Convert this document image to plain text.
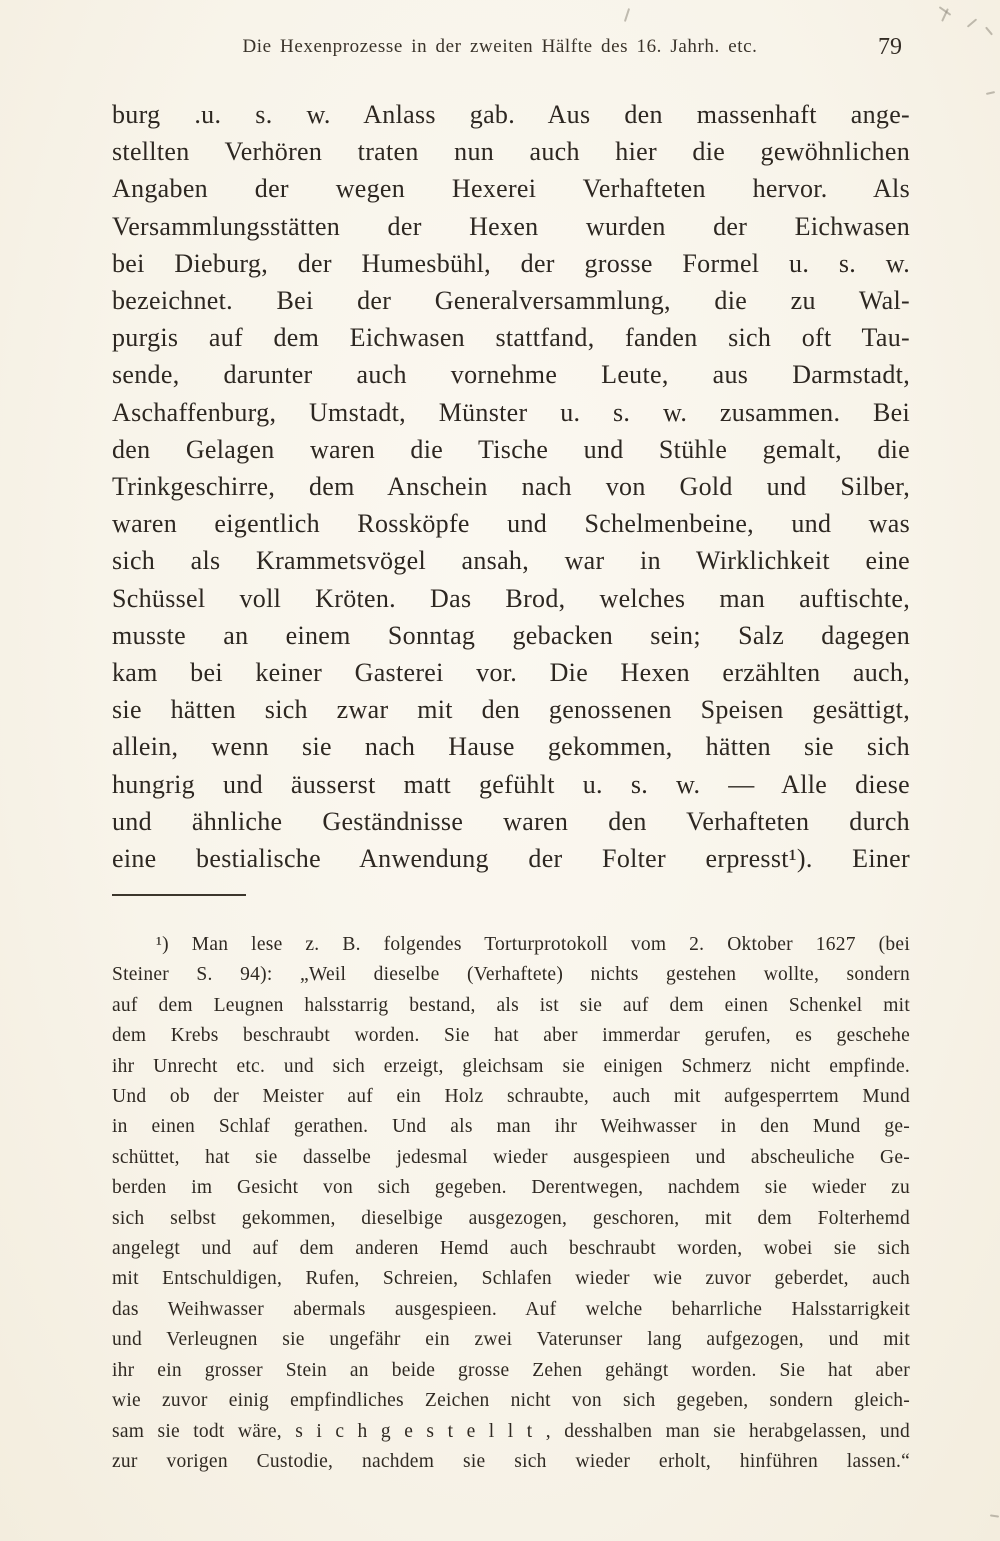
Die Hexenprozesse in der zweiten Hälfte des 16. Jahrh. etc.	79
burg .u. s. w. Anlass gab. Aus den massenhaft ange-
stellten Verhören traten nun auch hier die gewöhnlichen
Angaben der wegen Hexerei Verhafteten hervor. Als
Versammlungsstätten der Hexen wurden der Eichwasen
bei Dieburg, der Humesbühl, der grosse Formel u. s. w.
bezeichnet. Bei der Generalversammlung, die zu Wal-
purgis auf dem Eichwasen stattfand, fanden sich oft Tau-
sende, darunter auch vornehme Leute, aus Darmstadt,
Aschaffenburg, Umstadt, Münster u. s. w. zusammen. Bei
den Gelagen waren die Tische und Stühle gemalt, die
Trinkgeschirre, dem Anschein nach von Gold und Silber,
waren eigentlich Rossköpfe und Schelmenbeine, und was
sich als Krammetsvögel ansah, war in Wirklichkeit eine
Schüssel voll Kröten. Das Brod, welches man auftischte,
musste an einem Sonntag gebacken sein; Salz dagegen
kam bei keiner Gasterei vor. Die Hexen erzählten auch,
sie hätten sich zwar mit den genossenen Speisen gesättigt,
allein, wenn sie nach Hause gekommen, hätten sie sich
hungrig und äusserst matt gefühlt u. s. w. — Alle diese
und ähnliche Geständnisse waren den Verhafteten durch
eine bestialische Anwendung der Folter erpresst¹). Einer
¹) Man lese z. B. folgendes Torturprotokoll vom 2. Oktober 1627 (bei
Steiner S. 94): „Weil dieselbe (Verhaftete) nichts gestehen wollte, sondern
auf dem Leugnen halsstarrig bestand, als ist sie auf dem einen Schenkel mit
dem Krebs beschraubt worden. Sie hat aber immerdar gerufen, es geschehe
ihr Unrecht etc. und sich erzeigt, gleichsam sie einigen Schmerz nicht empfinde.
Und ob der Meister auf ein Holz schraubte, auch mit aufgesperrtem Mund
in einen Schlaf gerathen. Und als man ihr Weihwasser in den Mund ge-
schüttet, hat sie dasselbe jedesmal wieder ausgespieen und abscheuliche Ge-
berden im Gesicht von sich gegeben. Derentwegen, nachdem sie wieder zu
sich selbst gekommen, dieselbige ausgezogen, geschoren, mit dem Folterhemd
angelegt und auf dem anderen Hemd auch beschraubt worden, wobei sie sich
mit Entschuldigen, Rufen, Schreien, Schlafen wieder wie zuvor geberdet, auch
das Weihwasser abermals ausgespieen. Auf welche beharrliche Halsstarrigkeit
und Verleugnen sie ungefähr ein zwei Vaterunser lang aufgezogen, und mit
ihr ein grosser Stein an beide grosse Zehen gehängt worden. Sie hat aber
wie zuvor einig empfindliches Zeichen nicht von sich gegeben, sondern gleich-
sam sie todt wäre, s i c h g e s t e l l t , desshalben man sie herabgelassen, und
zur vorigen Custodie, nachdem sie sich wieder erholt, hinführen lassen.“
